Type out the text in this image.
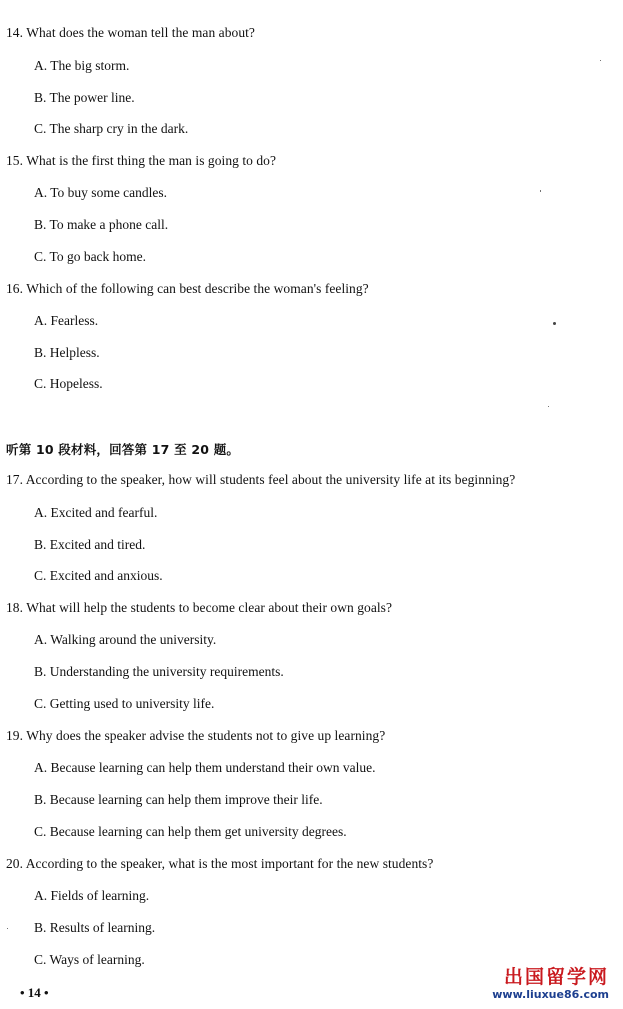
14. What does the woman tell the man about?
A. The big storm.
B. The power line.
C. The sharp cry in the dark.
15. What is the first thing the man is going to do?
A. To buy some candles.
B. To make a phone call.
C. To go back home.
16. Which of the following can best describe the woman's feeling?
A. Fearless.
B. Helpless.
C. Hopeless.
听第 10 段材料，回答第 17 至 20 题。
17. According to the speaker, how will students feel about the university life at its beginning?
A. Excited and fearful.
B. Excited and tired.
C. Excited and anxious.
18. What will help the students to become clear about their own goals?
A. Walking around the university.
B. Understanding the university requirements.
C. Getting used to university life.
19. Why does the speaker advise the students not to give up learning?
A. Because learning can help them understand their own value.
B. Because learning can help them improve their life.
C. Because learning can help them get university degrees.
20. According to the speaker, what is the most important for the new students?
A. Fields of learning.
B. Results of learning.
C. Ways of learning.
• 14 •
出国留学网
www.liuxue86.com
